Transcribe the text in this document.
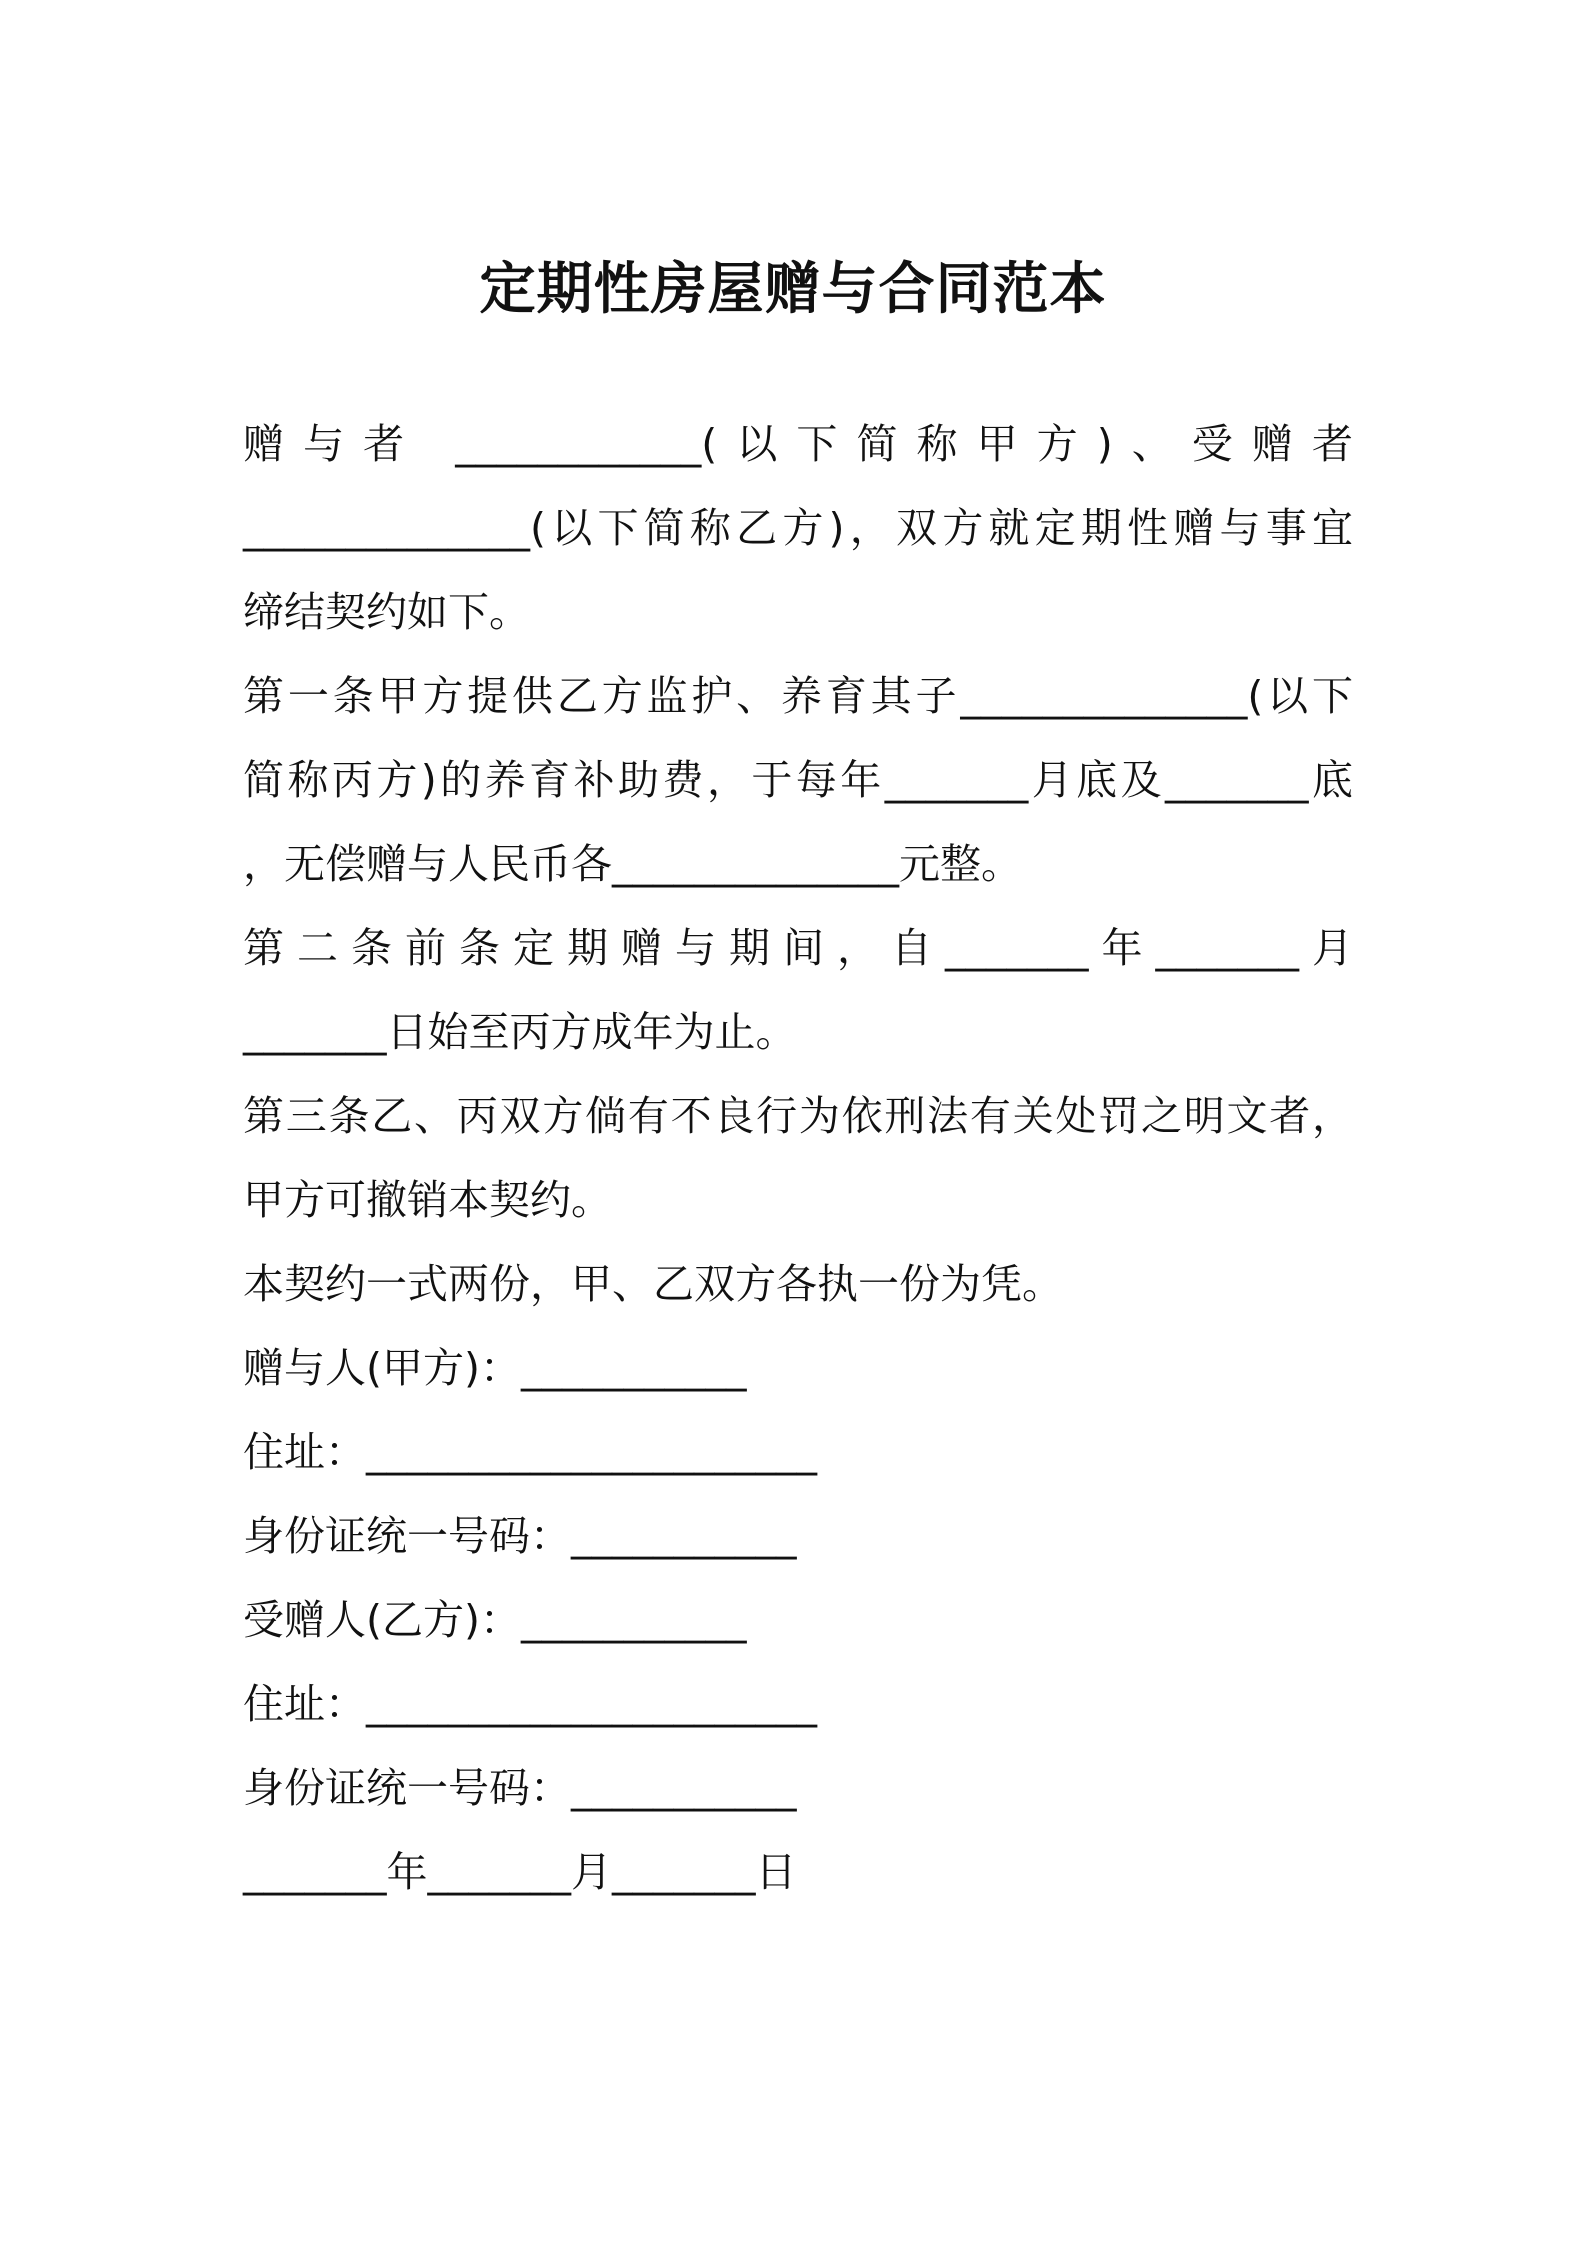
定期性房屋赠与合同范本

赠与者 ____________(以下简称甲方)、受赠者

______________(以下简称乙方)，双方就定期性赠与事宜

缔结契约如下。

第一条甲方提供乙方监护、养育其子______________(以下

简称丙方)的养育补助费，于每年_______月底及_______底

，无偿赠与人民币各______________元整。

第二条前条定期赠与期间，自_______年_______月

_______日始至丙方成年为止。

第三条乙、丙双方倘有不良行为依刑法有关处罚之明文者，

甲方可撤销本契约。

本契约一式两份，甲、乙双方各执一份为凭。

赠与人(甲方)：___________

住址：______________________

身份证统一号码：___________

受赠人(乙方)：___________

住址：______________________

身份证统一号码：___________

_______年_______月_______日
